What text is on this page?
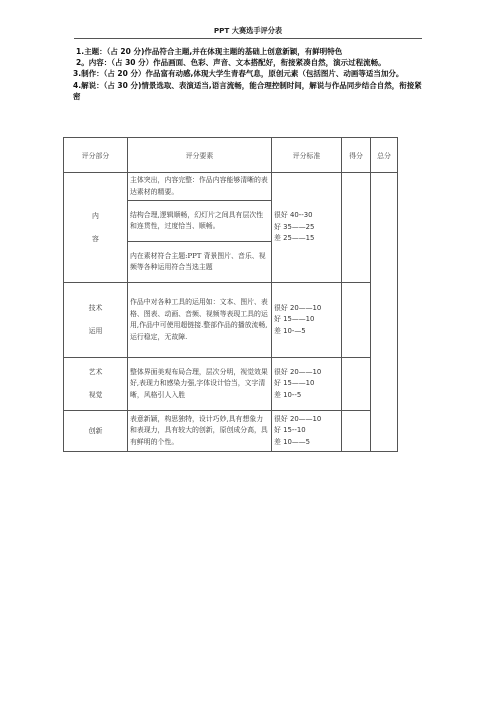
PPT 大赛选手评分表

1.主题：（占 20 分)作品符合主题,并在体现主题的基础上创意新颖，有鲜明特色

2。内容：（占 30 分）作品画面、色彩、声音、文本搭配好，衔接紧凑自然，演示过程流畅。

3.制作：（占 20 分）作品富有动感,体现大学生青春气息，原创元素（包括图片、动画等适当加分。

4.解说：（占 30 分)情景选取、表演适当,语言流畅，能合理控制时间，解说与作品同步结合自然，衔接紧密

评分部分	评分要素	评分标准	得分	总分

内
容	主体突出，内容完整：作品内容能够清晰的表达素材的精要。	很好 40--30
好 35——25
差 25——15		

	结构合理,逻辑顺畅，幻灯片之间具有层次性和连贯性，过度恰当、顺畅。			
	内在素材符合主题:PPT 背景图片、音乐、视频等各种运用符合当选主题			

技术
运用	作品中对各种工具的运用如：文本、图片、表格、图表、动画、音频、视频等表现工具的运用,作品中可使用超链接.整部作品的播放流畅,运行稳定，无故障.	很好 20——10
好 15——10
差 10-—5		

艺术
视觉	整体界面美观布局合理，层次分明，视觉效果好,表现力和感染力强,字体设计恰当，文字清晰，风格引人入胜	很好 20——10
好 15——10
差 10--5		

创新	表意新颖，构思独特，设计巧妙,具有想象力和表现力，具有较大的创新，原创成分高，具有鲜明的个性。	很好 20——10
好 15--10
差 10——5		
